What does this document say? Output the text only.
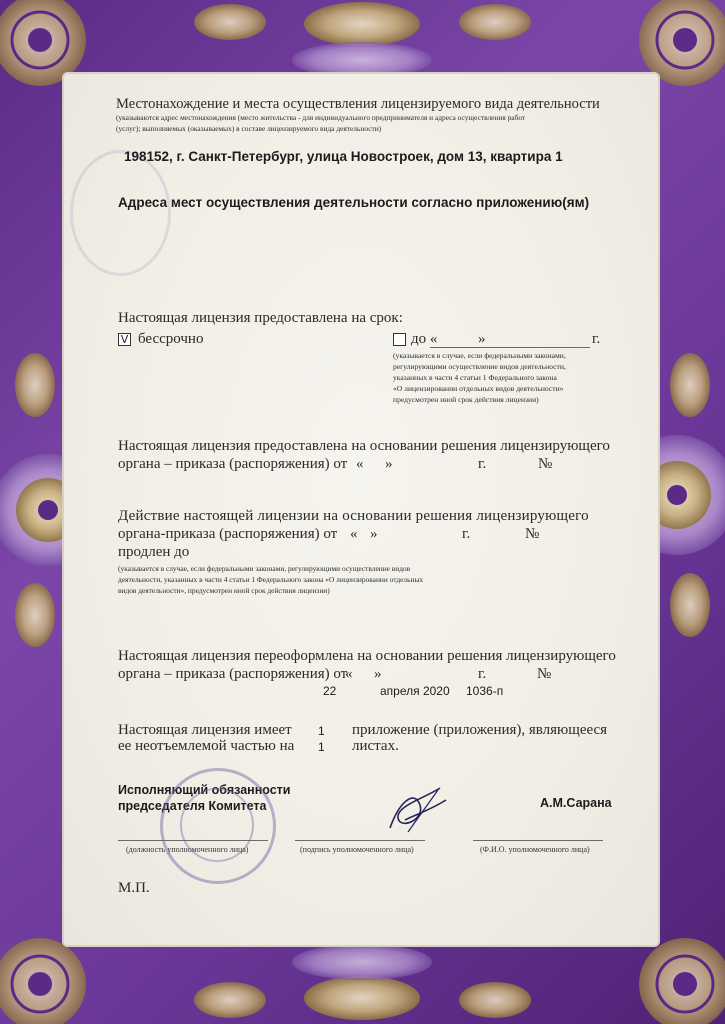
Местонахождение и места осуществления лицензируемого вида деятельности
(указываются адрес местонахождения (место жительства - для индивидуального предпринимателя и адреса осуществления работ
(услуг); выполняемых (оказываемых) в составе лицензируемого вида деятельности)
198152, г. Санкт-Петербург, улица Новостроек, дом 13, квартира 1
Адреса мест осуществления деятельности согласно приложению(ям)
Настоящая лицензия предоставлена на срок:
V бессрочно	до «	»	г.
(указывается в случае, если федеральными законами,
регулирующими осуществление видов деятельности,
указанных в части 4 статьи 1 Федерального закона
«О лицензировании отдельных видов деятельности»
предусмотрен иной срок действия лицензии)
Настоящая лицензия предоставлена на основании решения лицензирующего
органа – приказа (распоряжения) от « »	г.	№
Действие настоящей лицензии на основании решения лицензирующего
органа-приказа (распоряжения) от « »	г.	№
продлен до
(указывается в случае, если федеральными законами, регулирующими осуществление видов
деятельности, указанных в части 4 статьи 1 Федерального закона «О лицензировании отдельных
видов деятельности», предусмотрен иной срок действия лицензии)
Настоящая лицензия переоформлена на основании решения лицензирующего
органа – приказа (распоряжения) от
« »	г.	№
22	апреля 2020 1036-п
Настоящая лицензия имеет 1 приложение (приложения), являющееся
ее неотъемлемой частью на 1 листах.
Исполняющий обязанности
председателя Комитета	А.М.Сарана
(должность уполномоченного лица)	(подпись уполномоченного лица)	(Ф.И.О. уполномоченного лица)
М.П.
